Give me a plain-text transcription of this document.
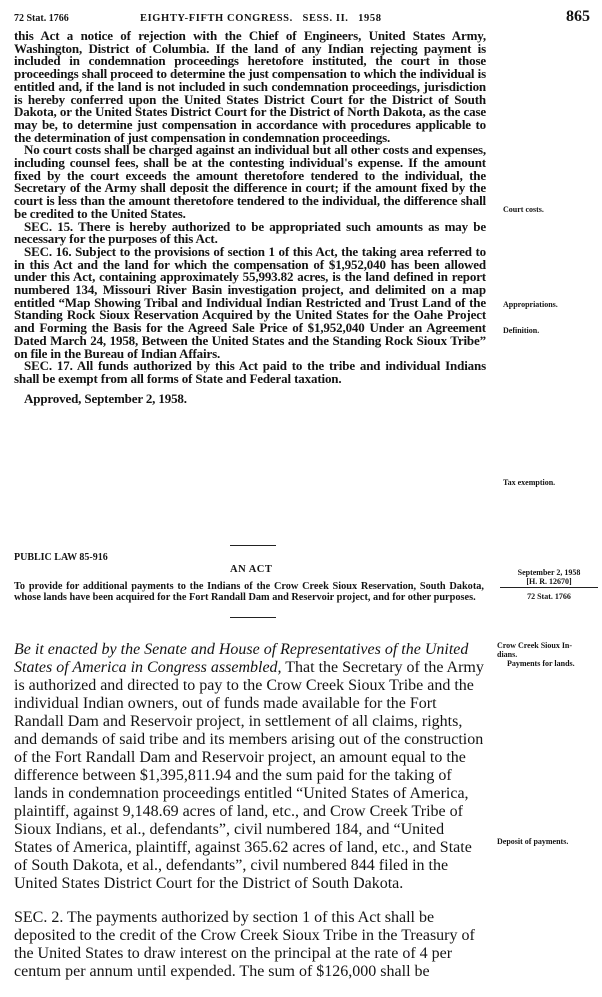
72 Stat. 1766	EIGHTY-FIFTH CONGRESS.   SESS. II.   1958	865

this Act a notice of rejection with the Chief of Engineers, United States Army, Washington, District of Columbia. If the land of any Indian rejecting payment is included in condemnation proceedings heretofore instituted, the court in those proceedings shall proceed to determine the just compensation to which the individual is entitled and, if the land is not included in such condemnation proceedings, jurisdiction is hereby conferred upon the United States District Court for the District of South Dakota, or the United States District Court for the District of North Dakota, as the case may be, to determine just compensation in accordance with procedures applicable to the determination of just compensation in condemnation proceedings.

No court costs shall be charged against an individual but all other costs and expenses, including counsel fees, shall be at the contesting individual's expense. If the amount fixed by the court exceeds the amount theretofore tendered to the individual, the Secretary of the Army shall deposit the difference in court; if the amount fixed by the court is less than the amount theretofore tendered to the individual, the difference shall be credited to the United States.

SEC. 15. There is hereby authorized to be appropriated such amounts as may be necessary for the purposes of this Act.

SEC. 16. Subject to the provisions of section 1 of this Act, the taking area referred to in this Act and the land for which the compensation of $1,952,040 has been allowed under this Act, containing approximately 55,993.82 acres, is the land defined in report numbered 134, Missouri River Basin investigation project, and delimited on a map entitled “Map Showing Tribal and Individual Indian Restricted and Trust Land of the Standing Rock Sioux Reservation Acquired by the United States for the Oahe Project and Forming the Basis for the Agreed Sale Price of $1,952,040 Under an Agreement Dated March 24, 1958, Between the United States and the Standing Rock Sioux Tribe” on file in the Bureau of Indian Affairs.

SEC. 17. All funds authorized by this Act paid to the tribe and individual Indians shall be exempt from all forms of State and Federal taxation.

Approved, September 2, 1958.

PUBLIC LAW 85-916
AN ACT
To provide for additional payments to the Indians of the Crow Creek Sioux Reservation, South Dakota, whose lands have been acquired for the Fort Randall Dam and Reservoir project, and for other purposes.

Be it enacted by the Senate and House of Representatives of the United States of America in Congress assembled, That the Secretary of the Army is authorized and directed to pay to the Crow Creek Sioux Tribe and the individual Indian owners, out of funds made available for the Fort Randall Dam and Reservoir project, in settlement of all claims, rights, and demands of said tribe and its members arising out of the construction of the Fort Randall Dam and Reservoir project, an amount equal to the difference between $1,395,811.94 and the sum paid for the taking of lands in condemnation proceedings entitled “United States of America, plaintiff, against 9,148.69 acres of land, etc., and Crow Creek Tribe of Sioux Indians, et al., defendants”, civil numbered 184, and “United States of America, plaintiff, against 365.62 acres of land, etc., and State of South Dakota, et al., defendants”, civil numbered 844 filed in the United States District Court for the District of South Dakota.

SEC. 2. The payments authorized by section 1 of this Act shall be deposited to the credit of the Crow Creek Sioux Tribe in the Treasury of the United States to draw interest on the principal at the rate of 4 per centum per annum until expended. The sum of $126,000 shall be

Court costs.
Appropriations.
Definition.
Tax exemption.
September 2, 1958
[H. R. 12670]
72 Stat. 1766
Crow Creek Sioux In-
dians.
Payments for lands.
Deposit of payments.
